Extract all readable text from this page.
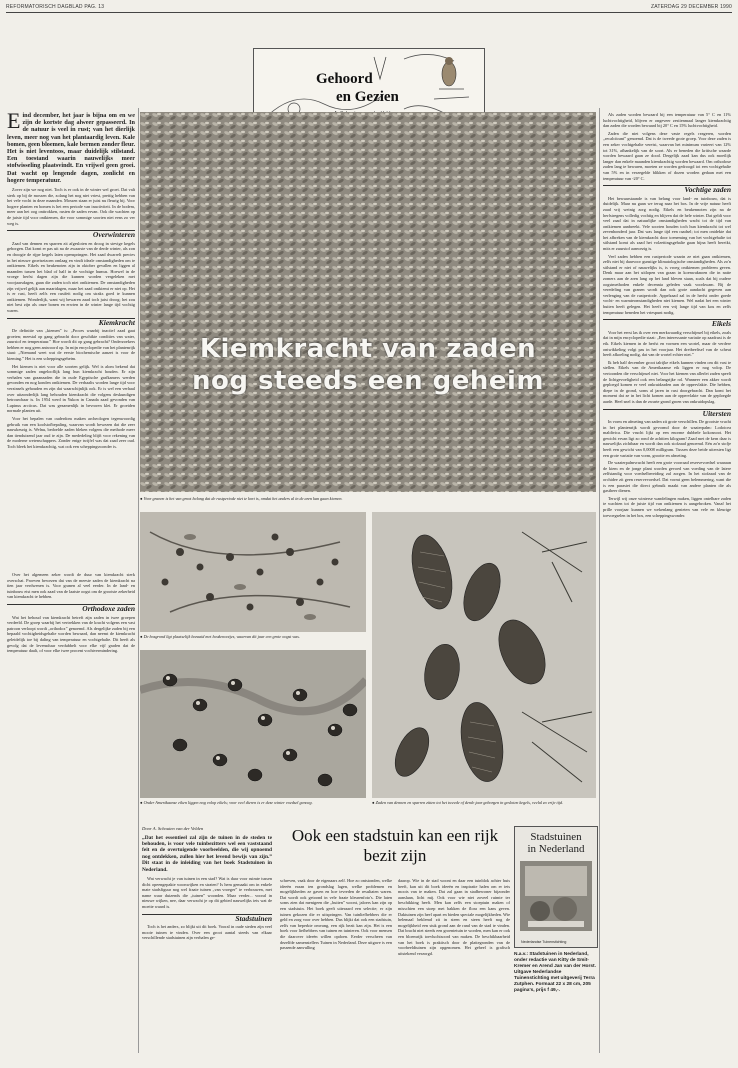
REFORMATORISCH DAGBLAD PAG. 13	ZATERDAG 29 DECEMBER 1990
Gehoord
en Gezien
Eind december, het jaar is bijna om en we zijn de kortste dag alweer gepasseerd. In de natuur is veel in rust; van het dierlijk leven, meer nog van het plantaardig leven. Kale bomen, geen bloemen, kale bermen zonder fleur. Het is niet leventoos, maar duidelijk stilstand. Een toestand waarin nauwelijks meer stofwisseling plaatsvindt. En vrijwel geen groei. Dat wacht op lengende dagen, zonlicht en hogere temperatuur.

Zover zijn we nog niet. Toch is er ook in de winter wel groei. Dat valt sterk op bij de mossen die, zolang het nog niet vriest, prettig hebben van het vele vocht in deze maanden. Mossen staan er juist nu fleurig bij. Voor hogere planten en bomen is het een periode van inactiviteit. In de bodem, meer aan het oog onttrokken, rusten de zaden ervan. Ook die wachten op de juiste tijd voor ontkiemen, die voor sommige soorten niet eens zo ver weg is.

Overwinteren

Zaad van dennen en sparren zit afgesloten en droog in stevige kegels geborgen. Dat komt er pas uit na de zwaarste van de derde winter, als zon en droogte de rijpe kegels laten openspringen. Het zaad dwarrelt precies in het nieuwe groeiseizoen omlaag en vindt ideale omstandigheden om te ontkiemen. Eikels en beukenoten zijn in oktober gevallen en liggen al maanden tussen het blad of half in de vochtige humus. Hoewel in de vroege herfst dagen zijn die kunnen worden vergeleken met voorjaarsdagen, gaan die zaden toch niet ontkiemen. De omstandigheden zijn vrijwel gelijk aan maartdagen, maar het zaad ontkiemt er niet op. Het is er rust, heeft zelfs een rustfeit nodig om straks goed te kunnen ontkiemen. Wonderlijk, want wij bewaren zaad toch juist droog; het zou niet best zijn als onze bonen en erwten in de winter lange tijd vochtig waren.

Kiemkracht

De definitie van „kiemen” is: „Proces waarbij inactief zaad gaat groeien; meestal op gang gebracht door geschikte condities van water, zuurstof en temperatuur.” Hoe wordt dit op gang gebracht? Onderzoekers hebben er nog geen antwoord op. In mijn encyclopedie van het plantenrijk staat: „Niemand weet wat de eerste biochemische aanzet is voor de kieming.” Het is een scheppingsgeheim.

Het kiemen is niet voor alle soorten gelijk. Wel is alom bekend dat sommige zaden ongelooflijk lang hun kiemkracht houden. Er zijn verhalen van graanzaden die in oude Egyptische grafkamers werden gevonden en nog konden ontkiemen. De verhaalts worden lange tijd voor verzinsels gehouden en zijn dat waarschijnlijk ook. Er is wel een verhaal over uitzonderlijk lang behouden kiemkracht die volgens deskundigen betrouwbaar is. In 1954 werd in Yukon in Canada zaad gevonden van Lupinus arcticus. Dat was gezamenlijk in bevroren klei. Er groeiden normale planten uit.

Voor het bepalen van ouderdom maken archeologen tegenwoordig gebruik van een koolstofbepaling, waarvan wordt bewezen dat die zeer nauwkeurig is. Welnu, bedoelde zaden bleken volgens die methode meer dan tienduizend jaar oud te zijn. De mededeling blijft voor rekening van de moderne wetenschappers. Zonder enige twijfel was dat zaad zeer oud. Toch bleek het kiemkrachtig, wat ook een scheppingswonder is.

Over het algemeen zeker wordt de duur van kiemkracht sterk overschat. Proeven bewezen dat van de meeste zaden de kiemkracht na tien jaar verdwenen is. Voor granen al veel eerder. In de land- en tuinbouw eist men ook zaad van de laatste oogst om de grootste zekerheid van kiemkracht te hebben.

Orthodoxe zaden

Wat het behoud van kiemkracht betreft zijn zaden in twee groepen verdeeld. De groep waarbij het vertrekken van de kracht volgens een vast patroon verloopt wordt „orthodox” genoemd. Als dergelijke zaden bij een bepaald vochtigheidsgehalte worden bewaard, dan neemt de kiemkracht geleidelijk toe bij daling van temperatuur en vochtgehalte. Dit heeft als gevolg dat de levensduur verdubbelt voor elke vijf graden dat de temperatuur daalt, of voor elke twee procent vochtvermindering.

Kiemkracht van zaden
nog steeds een geheim
● Voor granen is het van groot belang dat de rustperiode niet te kort is, omdat het anders al in de aren kan gaan kiemen.
● De bosgrond ligt plaatselijk bezaaid met beukenootjes, waarvan dit jaar een grote oogst was.
● Onder Amerikaanse eiken liggen nog volop eikels; voor veel dieren is er deze winter voedsel genoeg.	● Zaden van dennen en sparren zitten tot het tweede of derde jaar geborgen in gesloten kegels, veelal zo vrije tijd.
Door A. Schouten van der Velden
„Dat het essentieel zal zijn de tuinen in de steden te behouden, is voor vele tuinbezitters wel een vaststaand feit en de overtuigende voorbeelden, die wij opnoemd nog ontdekken, zullen hier het levend bewijs van zijn.” Dit staat in de inleiding van het boek Stadstuinen in Nederland.

Wat verwacht je van tuinen in een stad? Wat is daar voor ruimte tussen dicht opeengepakte woonwijken en straten? Is hem gemaakt om in enkele mate stadsfiguur nog wel fraaie tuinen „van vroeger” te verbouwen, met name waar duizends die „tuinen” woonden. Maar verder... vooral in nieuwe wijken, nee, daar verwacht je op dit gebied nauwelijks iets wat de moeite waard is.

Stadstuinen

Toch is het anders, zo blijkt uit dit boek. Vooral in oude steden zijn veel mooie tuinen te vinden. Over een groot aantal steeds van elkaar verschillende stadstuinen zijn verhalen ge-

Ook een stadstuin kan een rijk bezit zijn

schreven, vaak door de eigenaars zelf. Hoe zo ontstonden, welke ideeën eraan ten grondslag lagen, welke problemen en mogelijkheden ze gaven en hoe tevreden de resultaten waren. Dat wordt ook getoond in vele fraaie kleurenfoto's. Die laten soms zien dat menigeen die „buiten” woont, jaloers kan zijn op een stadstuin. Het boek geeft uiteraard een selectie; er zijn tuinen gekozen die er uitspringen. Van tuinliefhebbers die er geld en zorg voor over hebben. Dus blijkt dat ook een stadstuin, zelfs van beperkte omvang, een rijk bezit kan zijn. Het is een boek voor liefhebbers van tuinen en tuinieren. Ook voor mensen die daarover ideeën willen opdoen. Eerder verscheen van dezelfde samenstellers Tuinen in Nederland. Deze uitgave is een passende aanvulling

daarop. Wie in de stad woont en daar een tuinblok achter huis heeft, kan uit dit boek ideeën en inspiratie halen om er iets moois van te maken. Dat zal gaan in stadbewoner bijzonder aanslaan, licht mij. Ook voor wie niet zoveel ruimte ter beschikking heeft. Men kan zelfs een stoeptuin maken of misschien een stoep met bakken de flora een kans geven. Daktuinen zijn heel apart en bieden speciale mogelijkheden. Wie helemaal beklemd zit in steen en steen heeft nog de mogelijkheid een stuk grond aan de rand van de stad te vinden. Dat bracht niet steeds een groentetuin te worden, men kan er ook een bloemrijk toevluchtsoord van maken. De beschikbaarheid van het boek is praktisch door de plattegronden van de voorbeeldtuinen zijn opgenomen. Het geheel is grafisch uitstekend verzorgd.

Stadstuinen
in Nederland
Nederlandse Tuinenstichting
N.a.v.: Stadstuinen in Nederland, onder redactie van Kitty de Smit-Kremer en Arend Jan van der Horst. Uitgave Nederlandse Tuinenstichting met uitgeverij Terra Zutphen. Formaat 22 x 28 cm, 205 pagina's, prijs f 49,-.

Als zaden worden bewaard bij een temperatuur van 5° C en 11% luchtvochtigheid, blijven er ongeveer zestienmaal langer kiemkrachtig dan zaden die worden bewaard bij 20° C en 15% luchtvochtigheid.

Zaden die niet volgens deze vaste regels reageren, worden „recalcitrant” genoemd. Dat is de tweede grote groep. Voor deze zaden is een zeker vochtgehalte vereist, waarvan het minimum varieert van 12% tot 31%, afhankelijk van de soort. Als er beneden die kritische waarde worden bewaard gaan ze dood. Dergelijk zaad kan dus ook moeilijk langer dan enkele maanden kiemkrachtig worden bewaard. Om orthodoxe zaden lang te bewaren, moeten ze worden gedroogd tot een vochtgehalte van 5% en in verzegelde blikken of dozen worden gedaan met een temperatuur van -20° C.

Vochtige zaden

Het bewaarstaande is van belang voor land- en tuinbouw, dat is duidelijk. Maar nu gaan we terug naar het bos. In de vrije natuur heeft zaad vrij weinig zorg nodig. Eikels en beukennoten zijn na de herfstregens volledig vochtig en blijven dat de hele winter. Dat geldt voor veel zaad dat in natuurlijke omstandigheden wacht tot de tijd van ontkiemen aanbreekt. Vele soorten houden toch hun kiemkracht tot wel zevenhonderd jaar. Dat was lange tijd een raadsel; tot men ontdekte dat het afbreken van de kiemkracht door toeneming van het vochtgehalte tot stilstand komt als zaad het volzettingsgehalte gaan bijna heeft bereikt, mits er zuurstof aanwezig is.

Veel zaden hebben een rustperiode waarin ze niet gaan ontkiemen, zelfs niet bij daarvoor gunstige klimatologische omstandigheden. Als zo'n stilstand er niet of nauwelijks is, is vroeg ontkiemen probleem geven. Denk maar aan het uitlopen van graan in koenwaknoen die in natte zomers aan de aren lang op het land bleven staan, zoals dat bij oudere oogstmethoden enkele decennia geleden vaak voorkwam. Bij de veredeling van granen wordt dan ook grote aandacht gegeven aan verlenging van de rustperiode. Appelzaad zal in de herfst onder goede vocht- en warmteomstandigheden niet kiemen. Wel nadat het een winter buiten heeft gelegen. Het heeft een vrij lange tijd van kou en zelfs temperatuur beneden het vriespunt nodig.

Eikels

Voor het eerst las ik over een merkwaardig verschijnsel bij eikels, zoals dat in mijn encyclopedie staat: „Een interessante variatie op zaadrust is de eik. Eikels kiemen in de herfst en vormen een wortel, maar de verdere ontwikkeling volgt pas in het voorjaar. Het dreibeeltsel van de scheut heeft afkoeling nodig, dat van de wortel echter niet.”

Ik heb half december groot talrijke eikels kunnen vinden om dit vast te stellen. Eikels van de Amerikaanse eik liggen er nog volop. De vertoonden die verschijnsel niet. Voor het kiemen van allerlei zaden speelt de lichtgevoeligheid ook een belangrijke rol. Wanneer een akker wordt geploegd komen er veel onkruidzaden aan de oppervlakte. Die hebben, diepe in de grond, soms al jaren in rust doorgebracht. Dan komt het moment dat ze in het licht komen aan de oppervlakte van de geploegde aarde. Heel snel is dan de zwarte grond groen van onkruidopslag.

Uitersten

In vorm en afmeting van zaden zit grote verschillen. De grootste vrucht in het plantenrijk wordt gevormd door de waaierpalm: Lodoicea maldivica. Die vrucht lijkt op een enorme dubbele kokosnoot. Het gewicht ervan ligt zo rond de achttien kilogram! Zaad met de kern daar is nauwelijks zichtbaar en wordt dan ook stofzaad genoemd. Eén zo'n stofje heeft een gewicht van 0,0008 milligram. Tussen deze beide uitersten ligt een grote variatie van vorm, grootte en afmeting.

De waaierpalmvrucht heeft een grote voorraad reservevoedsel waaraan de kiem en de jonge plant worden gevoed van voeding van de latere zelfstandig voor voedselbereiding zal zorgen. In het stofzaad van de orchidee zit geen reservevoedsel. Dat vormt geen belemmering, want die is een parasiet die direct gebruik maakt van andere planten die als gastheer dienen.

Terwijl wij onze winterse wandelingen maken, liggen ontelbare zaden te wachten tot de juiste tijd van ontkiemen is aangebroken. Vanaf het prille voorjaar kunnen we wekenlang genieten van vele en kleurige toevoegselen in het bos, een scheppingswonder.
